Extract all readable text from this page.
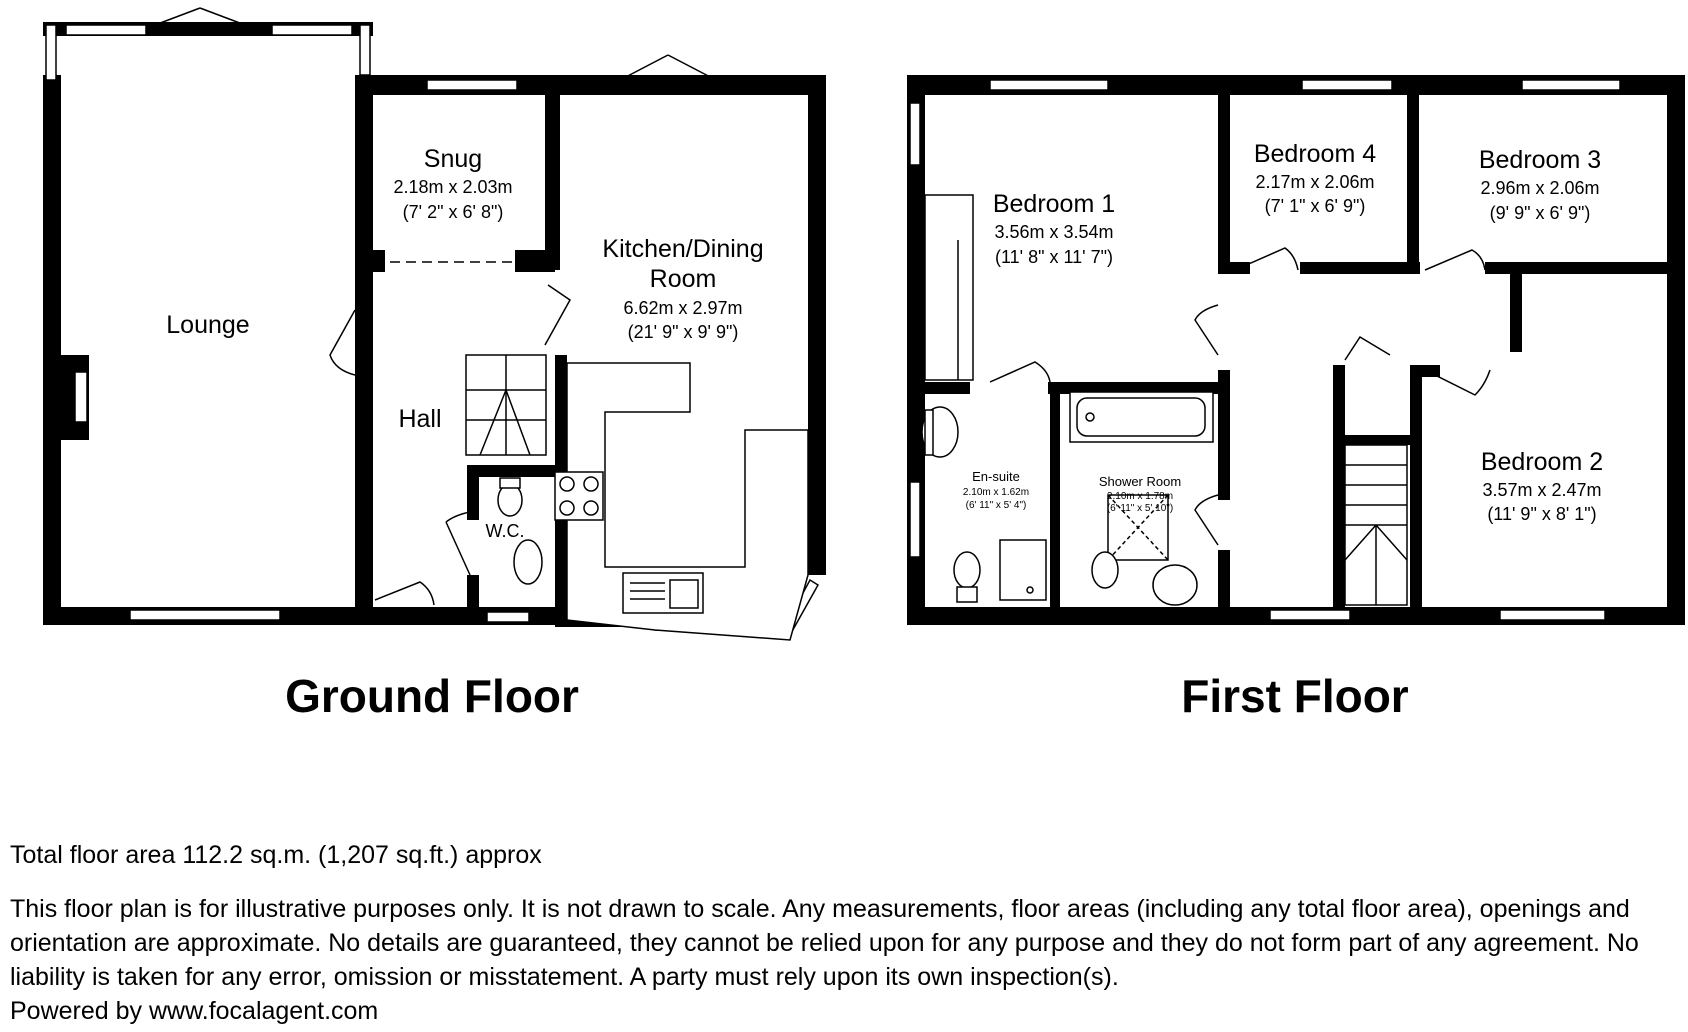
Lounge
Snug
2.18m x 2.03m
(7' 2" x 6' 8")
Kitchen/Dining
Room
6.62m x 2.97m
(21' 9" x 9' 9")
Hall
W.C.
Ground Floor
Bedroom 1
3.56m x 3.54m
(11' 8" x 11' 7")
Bedroom 4
2.17m x 2.06m
(7' 1" x 6' 9")
Bedroom 3
2.96m x 2.06m
(9' 9" x 6' 9")
Bedroom 2
3.57m x 2.47m
(11' 9" x 8' 1")
En-suite
2.10m x 1.62m
(6' 11" x 5' 4")
Shower Room
2.10m x 1.78m
(6' 11" x 5' 10")
First Floor

Total floor area 112.2 sq.m. (1,207 sq.ft.) approx

This floor plan is for illustrative purposes only. It is not drawn to scale. Any measurements, floor areas (including any total floor area), openings and orientation are approximate. No details are guaranteed, they cannot be relied upon for any purpose and they do not form part of any agreement. No liability is taken for any error, omission or misstatement. A party must rely upon its own inspection(s).

Powered by www.focalagent.com
